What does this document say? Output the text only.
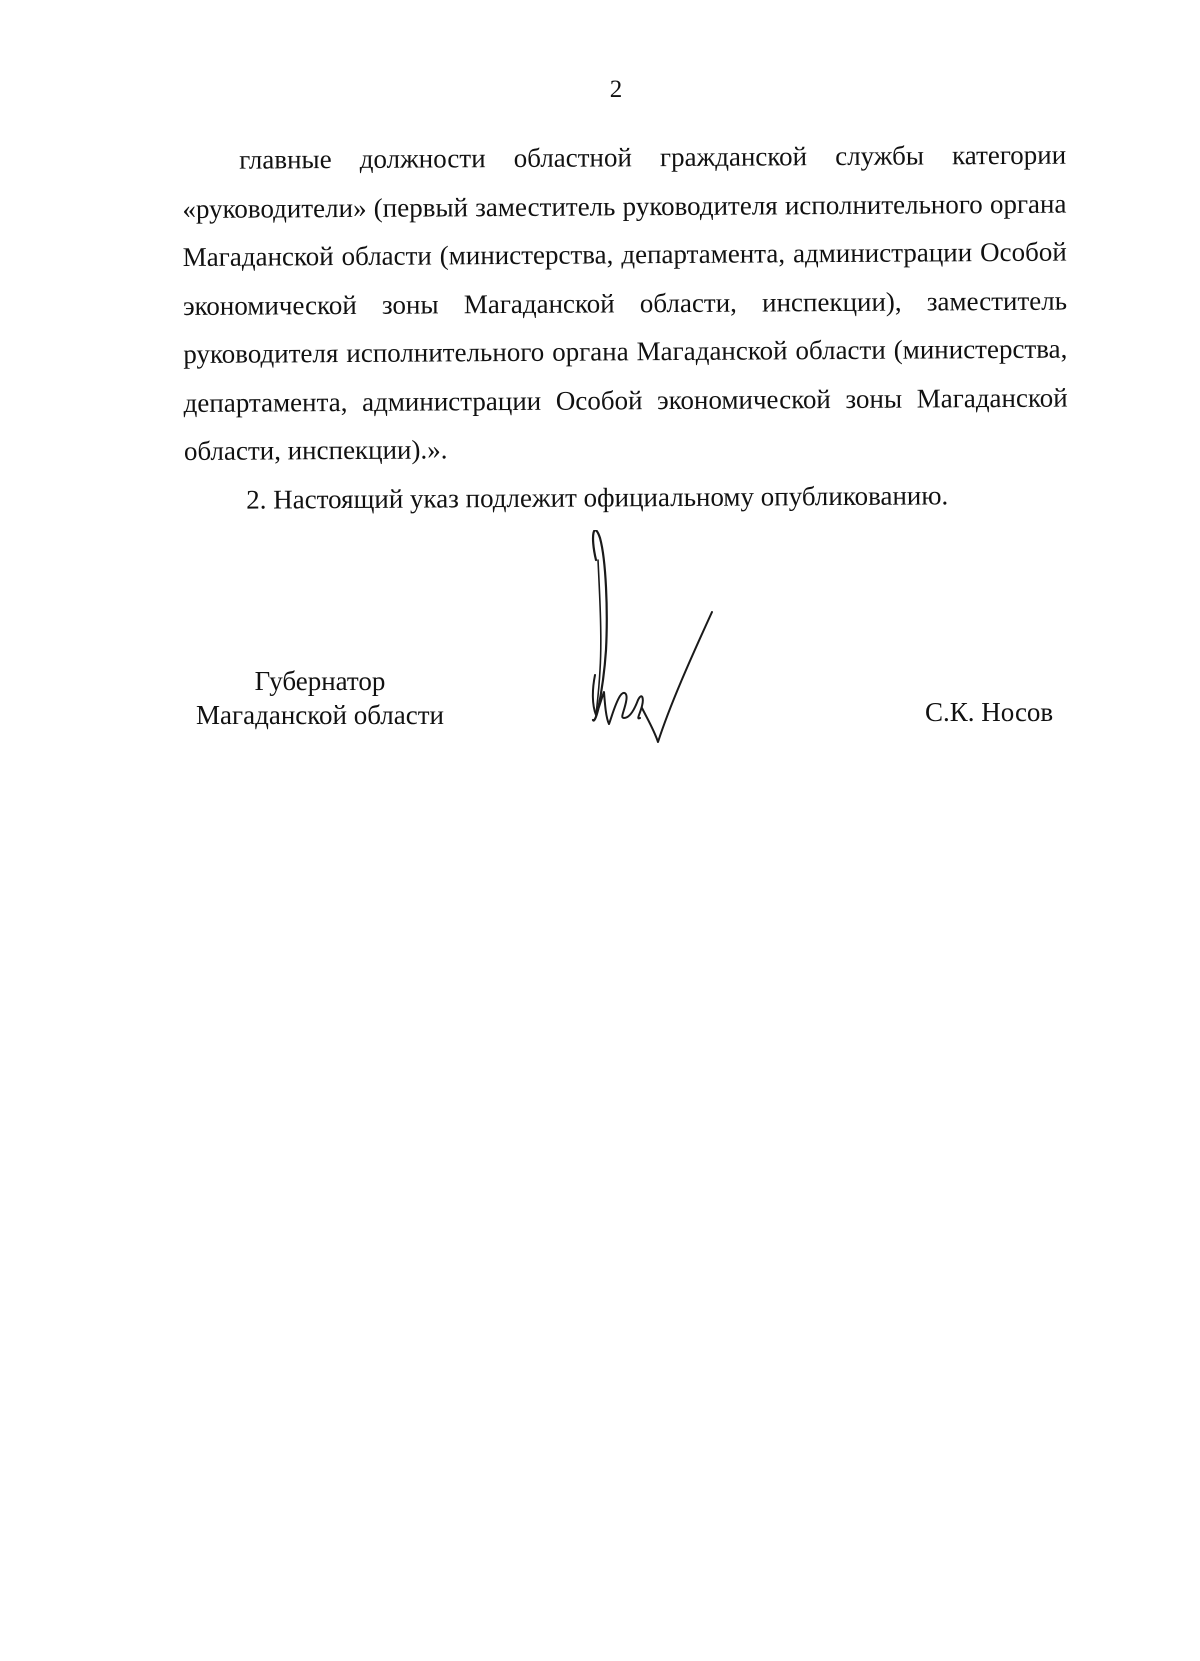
2

главные должности областной гражданской службы категории «руководители» (первый заместитель руководителя исполнительного органа Магаданской области (министерства, департамента, администрации Особой экономической зоны Магаданской области, инспекции), заместитель руководителя исполнительного органа Магаданской области (министерства, департамента, администрации Особой экономической зоны Магаданской области, инспекции).».

2. Настоящий указ подлежит официальному опубликованию.

Губернатор
Магаданской области	С.К. Носов
